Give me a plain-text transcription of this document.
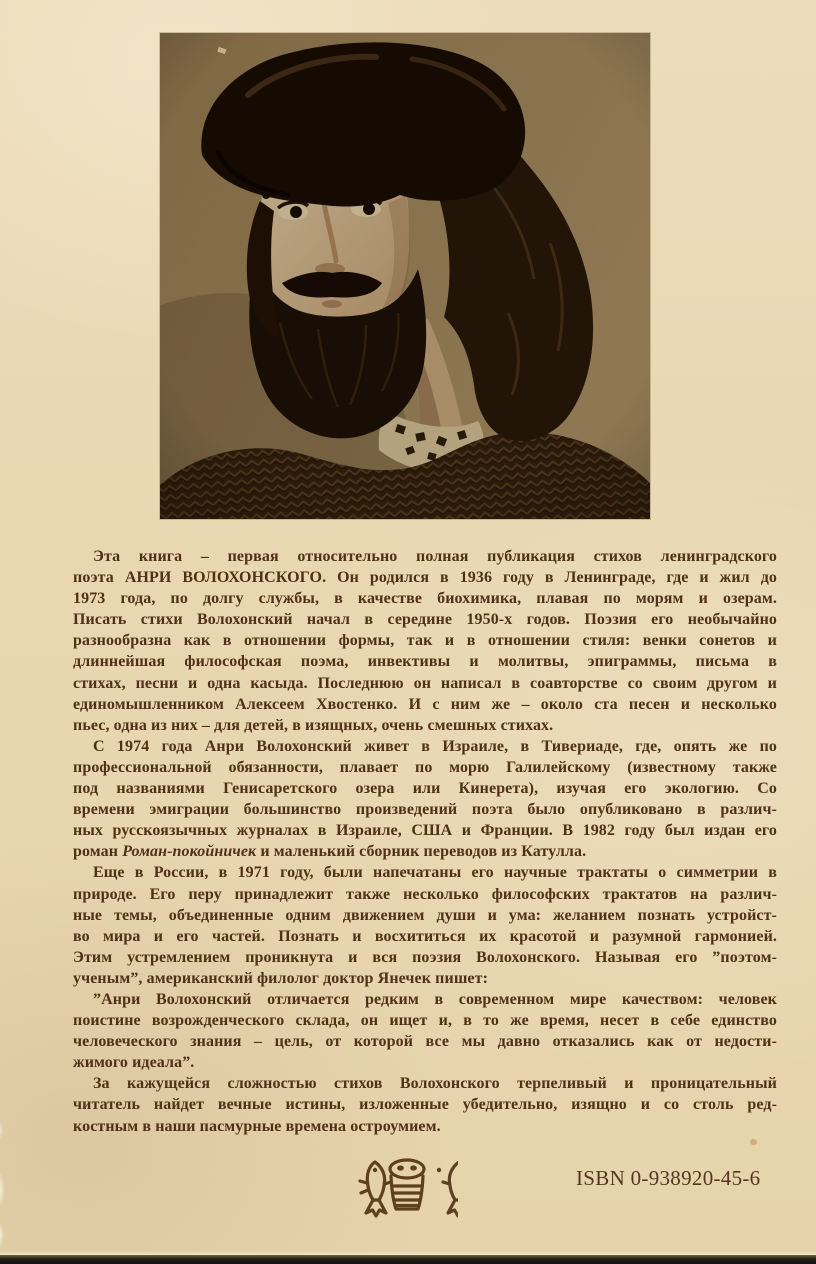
Эта книга – первая относительно полная публикация стихов ленинградского
поэта АНРИ ВОЛОХОНСКОГО. Он родился в 1936 году в Ленинграде, где и жил до
1973 года, по долгу службы, в качестве биохимика, плавая по морям и озерам.
Писать стихи Волохонский начал в середине 1950-х годов. Поэзия его необычайно
разнообразна как в отношении формы, так и в отношении стиля: венки сонетов и
длиннейшая философская поэма, инвективы и молитвы, эпиграммы, письма в
стихах, песни и одна касыда. Последнюю он написал в соавторстве со своим другом и
единомышленником Алексеем Хвостенко. И с ним же – около ста песен и несколько
пьес, одна из них – для детей, в изящных, очень смешных стихах.
С 1974 года Анри Волохонский живет в Израиле, в Тивериаде, где, опять же по
профессиональной обязанности, плавает по морю Галилейскому (известному также
под названиями Генисаретского озера или Кинерета), изучая его экологию. Со
времени эмиграции большинство произведений поэта было опубликовано в различ-
ных русскоязычных журналах в Израиле, США и Франции. В 1982 году был издан его
роман Роман-покойничек и маленький сборник переводов из Катулла.
Еще в России, в 1971 году, были напечатаны его научные трактаты о симметрии в
природе. Его перу принадлежит также несколько философских трактатов на различ-
ные темы, объединенные одним движением души и ума: желанием познать устройст-
во мира и его частей. Познать и восхититься их красотой и разумной гармонией.
Этим устремлением проникнута и вся поэзия Волохонского. Называя его ”поэтом-
ученым”, американский филолог доктор Янечек пишет:
”Анри Волохонский отличается редким в современном мире качеством: человек
поистине возрожденческого склада, он ищет и, в то же время, несет в себе единство
человеческого знания – цель, от которой все мы давно отказались как от недости-
жимого идеала”.
За кажущейся сложностью стихов Волохонского терпеливый и проницательный
читатель найдет вечные истины, изложенные убедительно, изящно и со столь ред-
костным в наши пасмурные времена остроумием.
ISBN 0-938920-45-6
